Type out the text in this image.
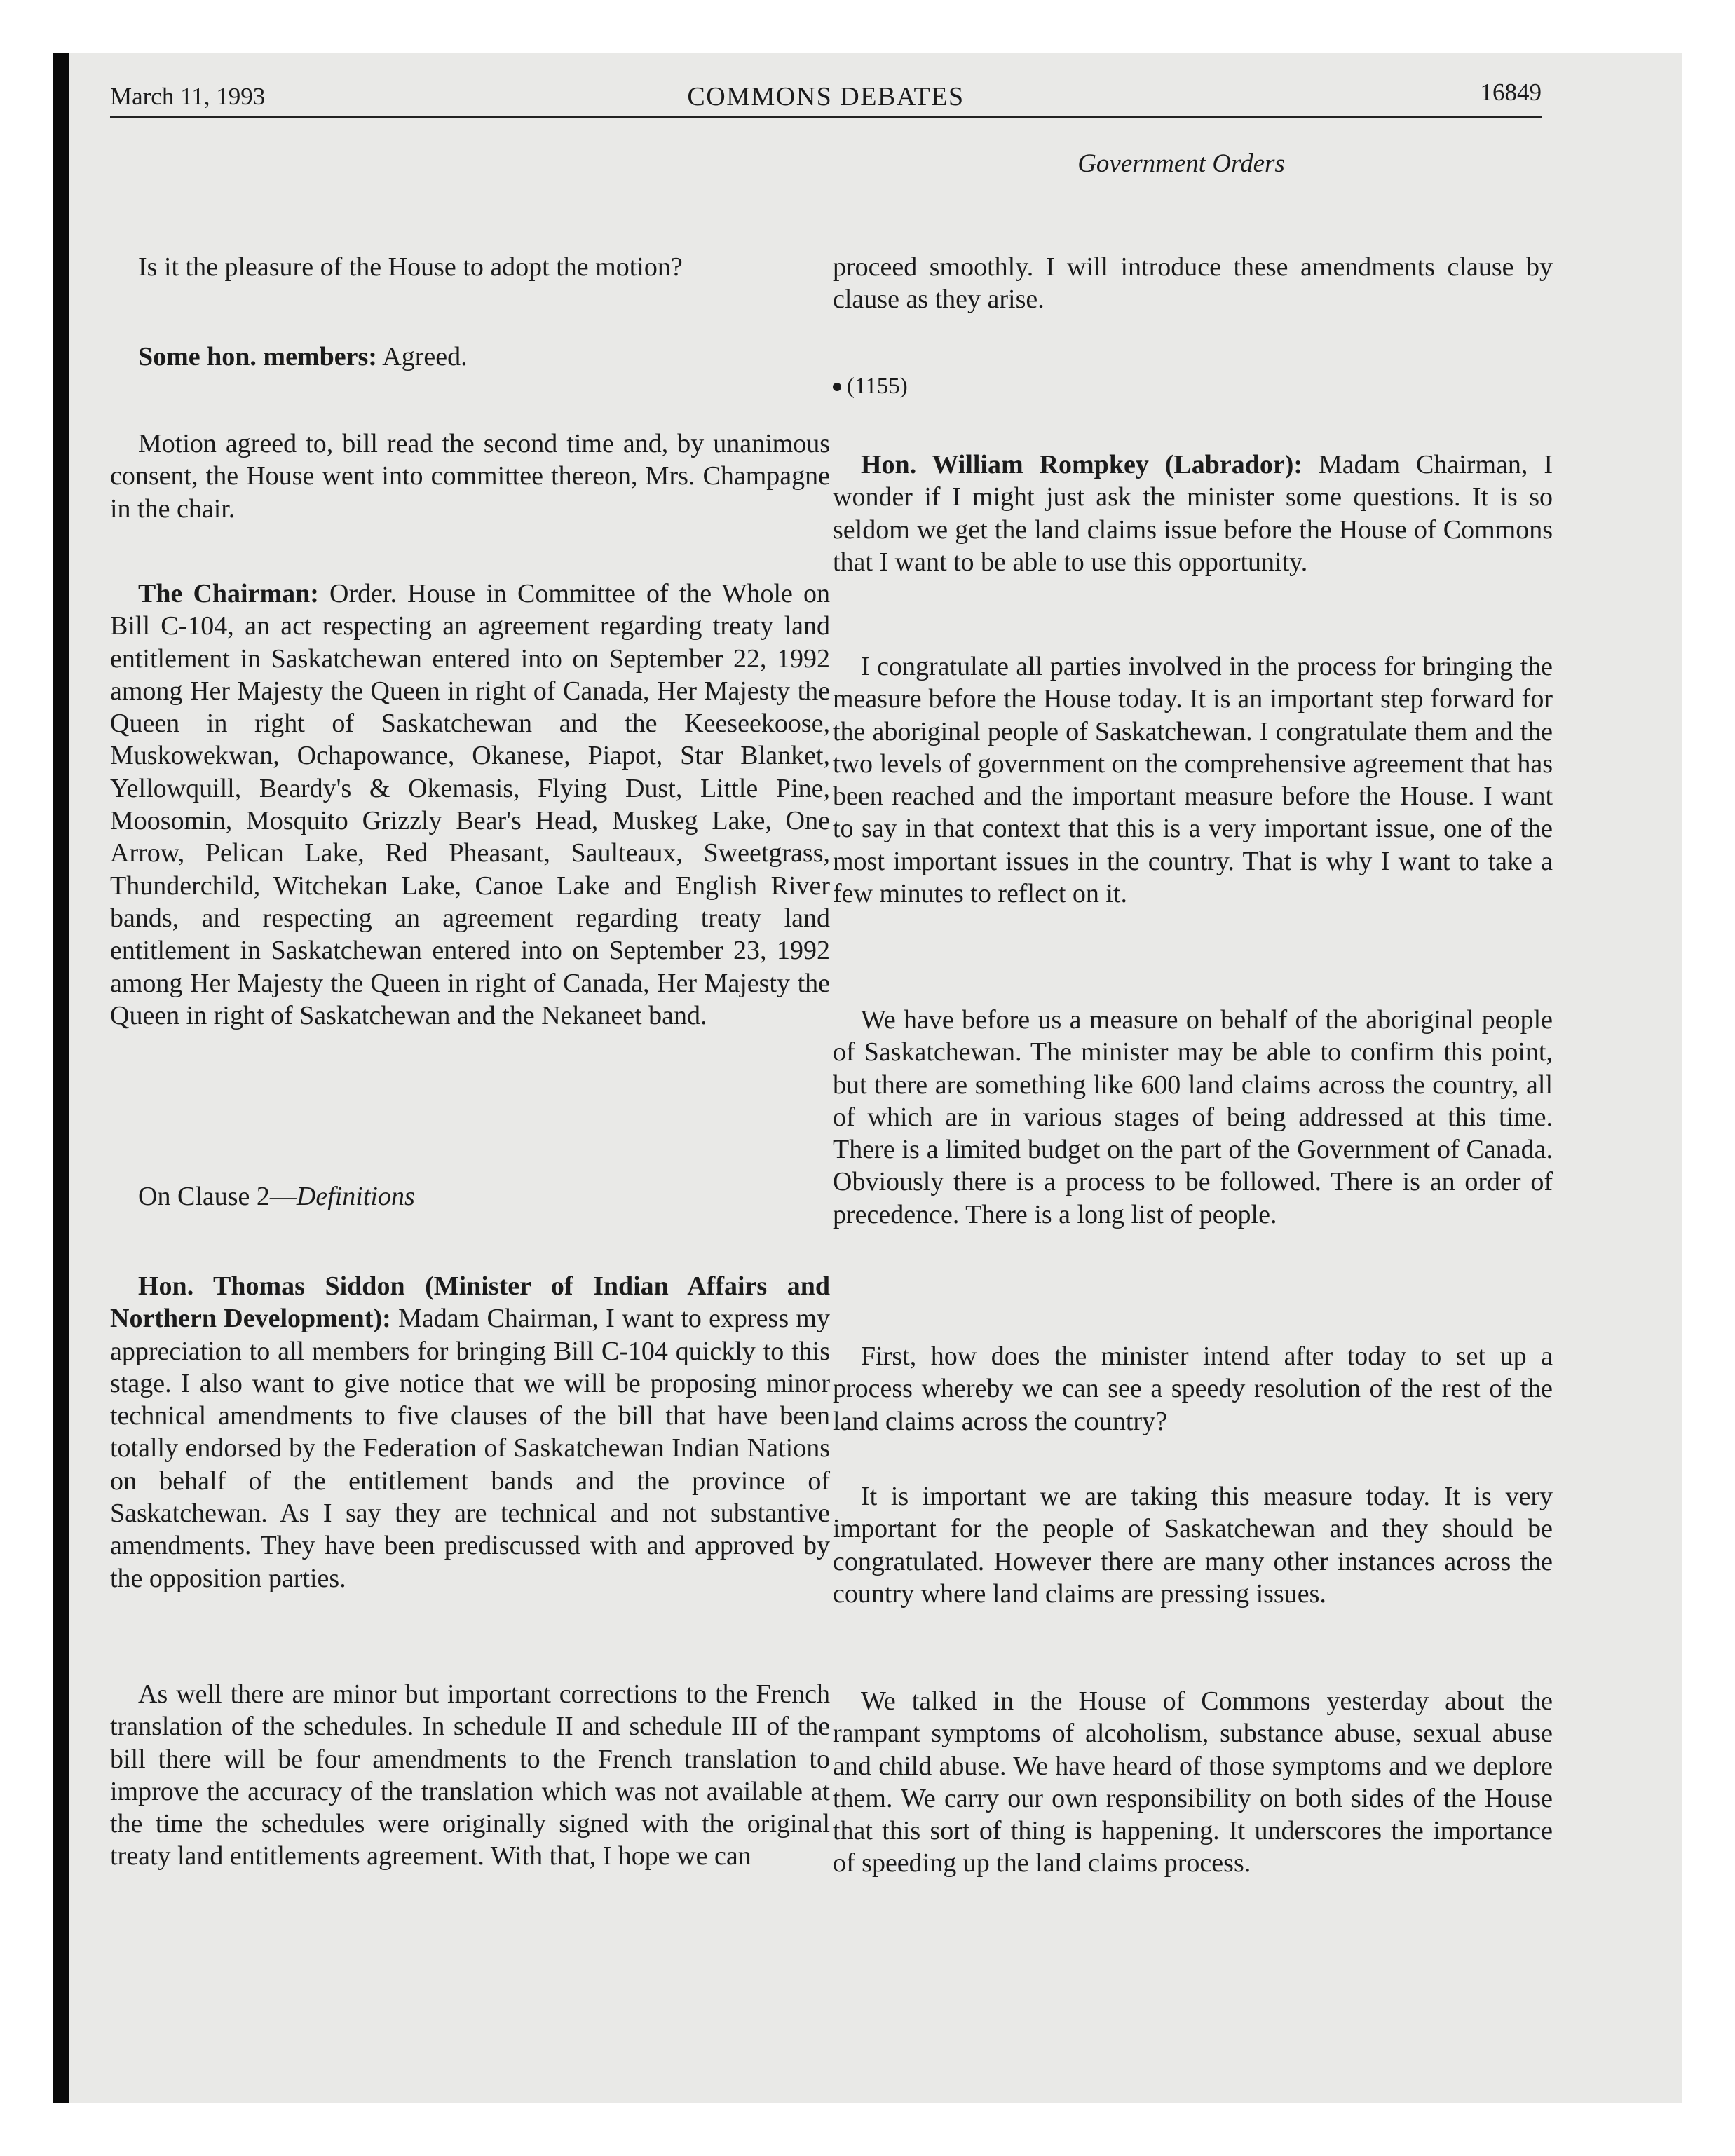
March 11, 1993	COMMONS DEBATES	16849
Government Orders

Is it the pleasure of the House to adopt the motion?

Some hon. members: Agreed.

Motion agreed to, bill read the second time and, by unanimous consent, the House went into committee thereon, Mrs. Champagne in the chair.

The Chairman: Order. House in Committee of the Whole on Bill C-104, an act respecting an agreement regarding treaty land entitlement in Saskatchewan entered into on September 22, 1992 among Her Majesty the Queen in right of Canada, Her Majesty the Queen in right of Saskatchewan and the Keeseekoose, Muskowekwan, Ochapowance, Okanese, Piapot, Star Blanket, Yellowquill, Beardy's & Okemasis, Flying Dust, Little Pine, Moosomin, Mosquito Grizzly Bear's Head, Muskeg Lake, One Arrow, Pelican Lake, Red Pheasant, Saulteaux, Sweetgrass, Thunderchild, Witchekan Lake, Canoe Lake and English River bands, and respecting an agreement regarding treaty land entitlement in Saskatchewan entered into on September 23, 1992 among Her Majesty the Queen in right of Canada, Her Majesty the Queen in right of Saskatchewan and the Nekaneet band.

On Clause 2—Definitions

Hon. Thomas Siddon (Minister of Indian Affairs and Northern Development): Madam Chairman, I want to express my appreciation to all members for bringing Bill C-104 quickly to this stage. I also want to give notice that we will be proposing minor technical amendments to five clauses of the bill that have been totally endorsed by the Federation of Saskatchewan Indian Nations on behalf of the entitlement bands and the province of Saskatchewan. As I say they are technical and not substantive amendments. They have been prediscussed with and approved by the opposition parties.

As well there are minor but important corrections to the French translation of the schedules. In schedule II and schedule III of the bill there will be four amendments to the French translation to improve the accuracy of the translation which was not available at the time the schedules were originally signed with the original treaty land entitlements agreement. With that, I hope we can

proceed smoothly. I will introduce these amendments clause by clause as they arise.

(1155)

Hon. William Rompkey (Labrador): Madam Chairman, I wonder if I might just ask the minister some questions. It is so seldom we get the land claims issue before the House of Commons that I want to be able to use this opportunity.

I congratulate all parties involved in the process for bringing the measure before the House today. It is an important step forward for the aboriginal people of Saskatchewan. I congratulate them and the two levels of government on the comprehensive agreement that has been reached and the important measure before the House. I want to say in that context that this is a very important issue, one of the most important issues in the country. That is why I want to take a few minutes to reflect on it.

We have before us a measure on behalf of the aboriginal people of Saskatchewan. The minister may be able to confirm this point, but there are something like 600 land claims across the country, all of which are in various stages of being addressed at this time. There is a limited budget on the part of the Government of Canada. Obviously there is a process to be followed. There is an order of precedence. There is a long list of people.

First, how does the minister intend after today to set up a process whereby we can see a speedy resolution of the rest of the land claims across the country?

It is important we are taking this measure today. It is very important for the people of Saskatchewan and they should be congratulated. However there are many other instances across the country where land claims are pressing issues.

We talked in the House of Commons yesterday about the rampant symptoms of alcoholism, substance abuse, sexual abuse and child abuse. We have heard of those symptoms and we deplore them. We carry our own responsibility on both sides of the House that this sort of thing is happening. It underscores the importance of speeding up the land claims process.
